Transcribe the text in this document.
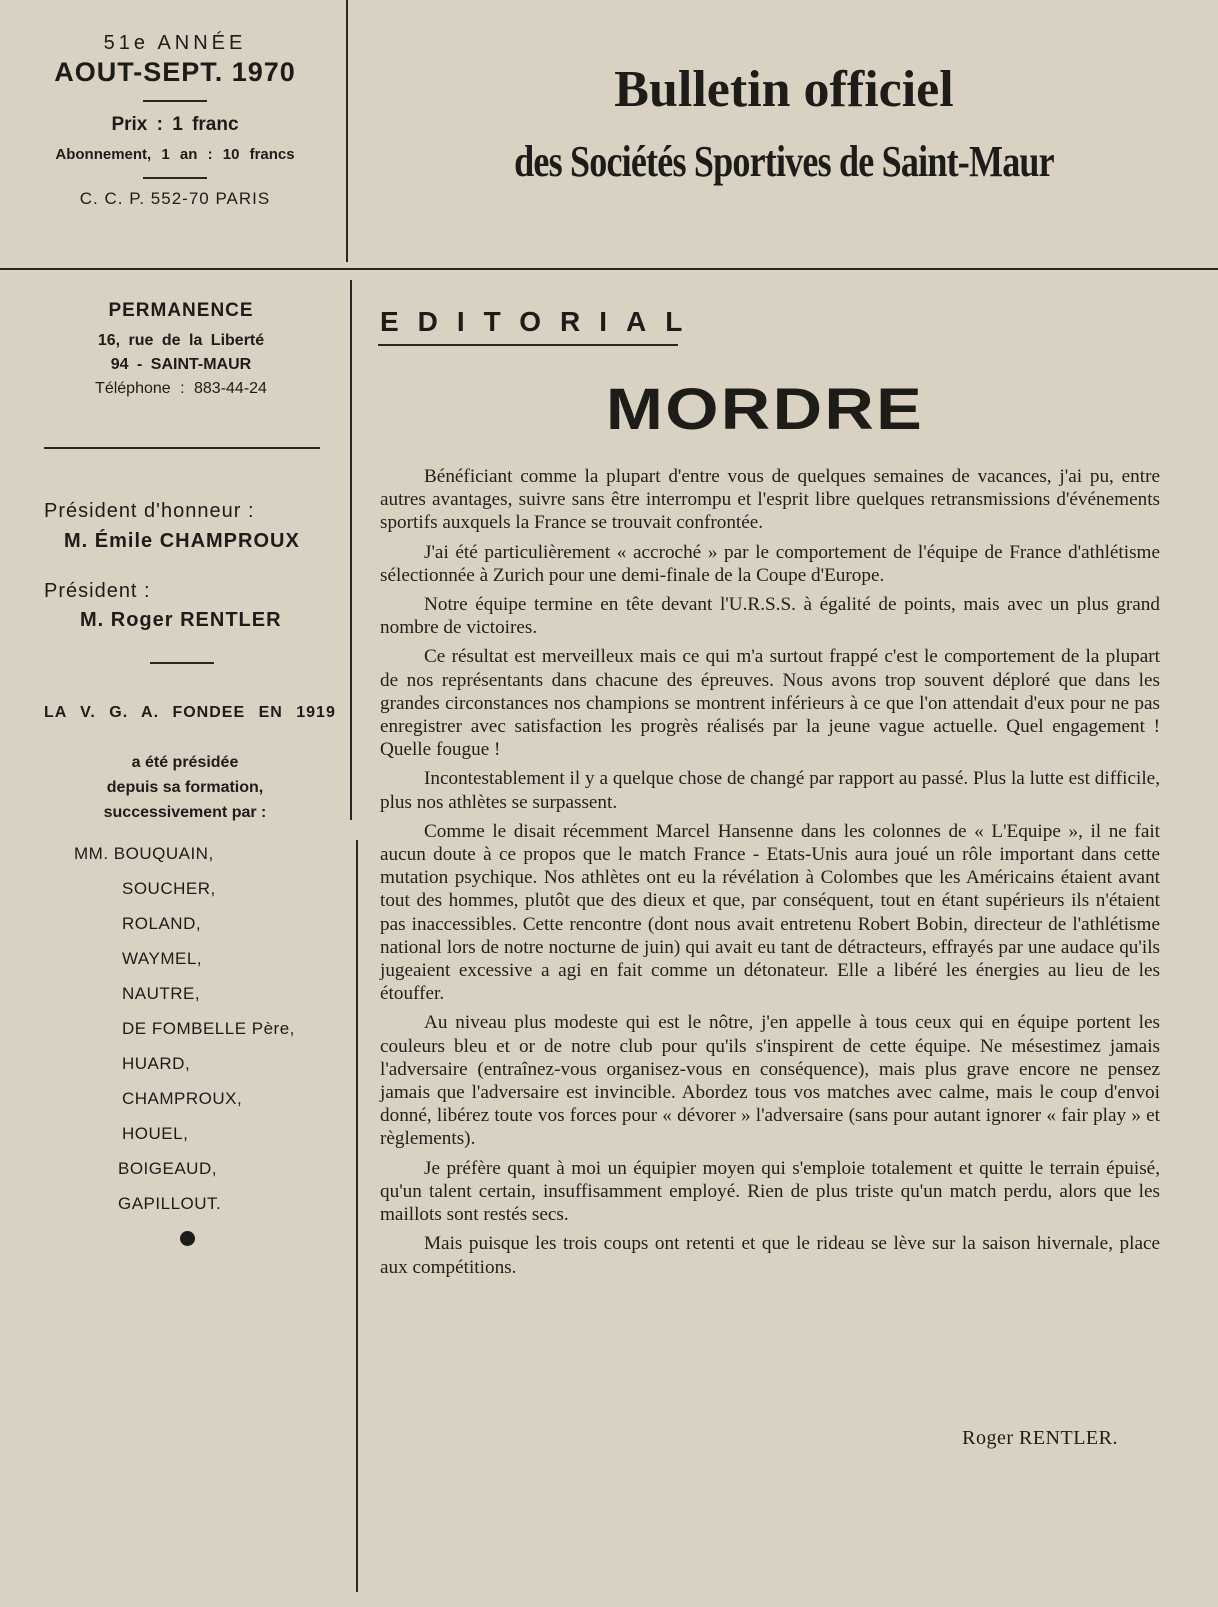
51e ANNÉE
AOUT-SEPT. 1970
Prix : 1 franc
Abonnement, 1 an : 10 francs
C. C. P. 552-70 PARIS
Bulletin officiel
des Sociétés Sportives de Saint-Maur
PERMANENCE
16, rue de la Liberté
94 - SAINT-MAUR
Téléphone : 883-44-24
Président d'honneur :
M. Émile CHAMPROUX
Président :
M. Roger RENTLER
LA V. G. A. FONDEE EN 1919
a été présidée
depuis sa formation,
successivement par :
MM. BOUQUAIN,
SOUCHER,
ROLAND,
WAYMEL,
NAUTRE,
DE FOMBELLE Père,
HUARD,
CHAMPROUX,
HOUEL,
BOIGEAUD,
GAPILLOUT.
EDITORIAL
MORDRE

Bénéficiant comme la plupart d'entre vous de quelques semaines de vacances, j'ai pu, entre autres avantages, suivre sans être interrompu et l'esprit libre quelques retransmissions d'événements sportifs auxquels la France se trouvait confrontée.

J'ai été particulièrement « accroché » par le comportement de l'équipe de France d'athlétisme sélectionnée à Zurich pour une demi-finale de la Coupe d'Europe.

Notre équipe termine en tête devant l'U.R.S.S. à égalité de points, mais avec un plus grand nombre de victoires.

Ce résultat est merveilleux mais ce qui m'a surtout frappé c'est le comportement de la plupart de nos représentants dans chacune des épreuves. Nous avons trop souvent déploré que dans les grandes circonstances nos champions se montrent inférieurs à ce que l'on attendait d'eux pour ne pas enregistrer avec satisfaction les progrès réalisés par la jeune vague actuelle. Quel engagement ! Quelle fougue !

Incontestablement il y a quelque chose de changé par rapport au passé. Plus la lutte est difficile, plus nos athlètes se surpassent.

Comme le disait récemment Marcel Hansenne dans les colonnes de « L'Equipe », il ne fait aucun doute à ce propos que le match France - Etats-Unis aura joué un rôle important dans cette mutation psychique. Nos athlètes ont eu la révélation à Colombes que les Américains étaient avant tout des hommes, plutôt que des dieux et que, par conséquent, tout en étant supérieurs ils n'étaient pas inaccessibles. Cette rencontre (dont nous avait entretenu Robert Bobin, directeur de l'athlétisme national lors de notre nocturne de juin) qui avait eu tant de détracteurs, effrayés par une audace qu'ils jugeaient excessive a agi en fait comme un détonateur. Elle a libéré les énergies au lieu de les étouffer.

Au niveau plus modeste qui est le nôtre, j'en appelle à tous ceux qui en équipe portent les couleurs bleu et or de notre club pour qu'ils s'inspirent de cette équipe. Ne mésestimez jamais l'adversaire (entraînez-vous organisez-vous en conséquence), mais plus grave encore ne pensez jamais que l'adversaire est invincible. Abordez tous vos matches avec calme, mais le coup d'envoi donné, libérez toute vos forces pour « dévorer » l'adversaire (sans pour autant ignorer « fair play » et règlements).

Je préfère quant à moi un équipier moyen qui s'emploie totalement et quitte le terrain épuisé, qu'un talent certain, insuffisamment employé. Rien de plus triste qu'un match perdu, alors que les maillots sont restés secs.

Mais puisque les trois coups ont retenti et que le rideau se lève sur la saison hivernale, place aux compétitions.

Roger RENTLER.
